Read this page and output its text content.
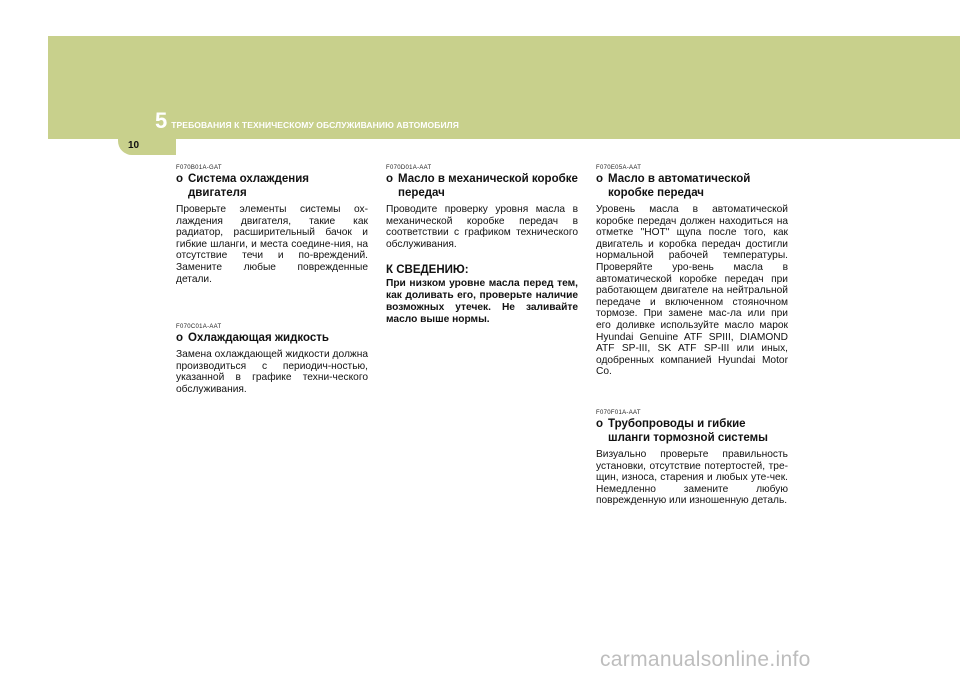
5 ТРЕБОВАНИЯ К ТЕХНИЧЕСКОМУ ОБСЛУЖИВАНИЮ АВТОМОБИЛЯ
10
F070B01A-GAT
o Система охлаждения двигателя
Проверьте элементы системы ох-лаждения двигателя, такие как радиатор, расширительный бачок и гибкие шланги, и места соедине-ния, на отсутствие течи и по-вреждений. Замените любые поврежденные детали.
F070C01A-AAT
o Охлаждающая жидкость
Замена охлаждающей жидкости должна производиться с периодич-ностью, указанной в графике техни-ческого обслуживания.
F070D01A-AAT
o Масло в механической коробке передач
Проводите проверку уровня масла в механической коробке передач в соответствии с графиком технического обслуживания.
К СВЕДЕНИЮ:
При низком уровне масла перед тем, как доливать его, проверьте наличие возможных утечек. Не заливайте масло выше нормы.
F070E05A-AAT
o Масло в автоматической коробке передач
Уровень масла в автоматической коробке передач должен находиться на отметке "HOT" щупа после того, как двигатель и коробка передач достигли нормальной рабочей температуры. Проверяйте уро-вень масла в автоматической коробке передач при работающем двигателе на нейтральной передаче и включенном стояночном тормозе. При замене мас-ла или при его доливке используйте масло марок Hyundai Genuine ATF SPIII, DIAMOND ATF SP-III, SK ATF SP-III или иных, одобренных компанией Hyundai Motor Co.
F070F01A-AAT
o Трубопроводы и гибкие шланги тормозной системы
Визуально проверьте правильность установки, отсутствие потертостей, тре-щин, износа, старения и любых уте-чек. Немедленно замените любую поврежденную или изношенную деталь.
carmanualsonline.info
